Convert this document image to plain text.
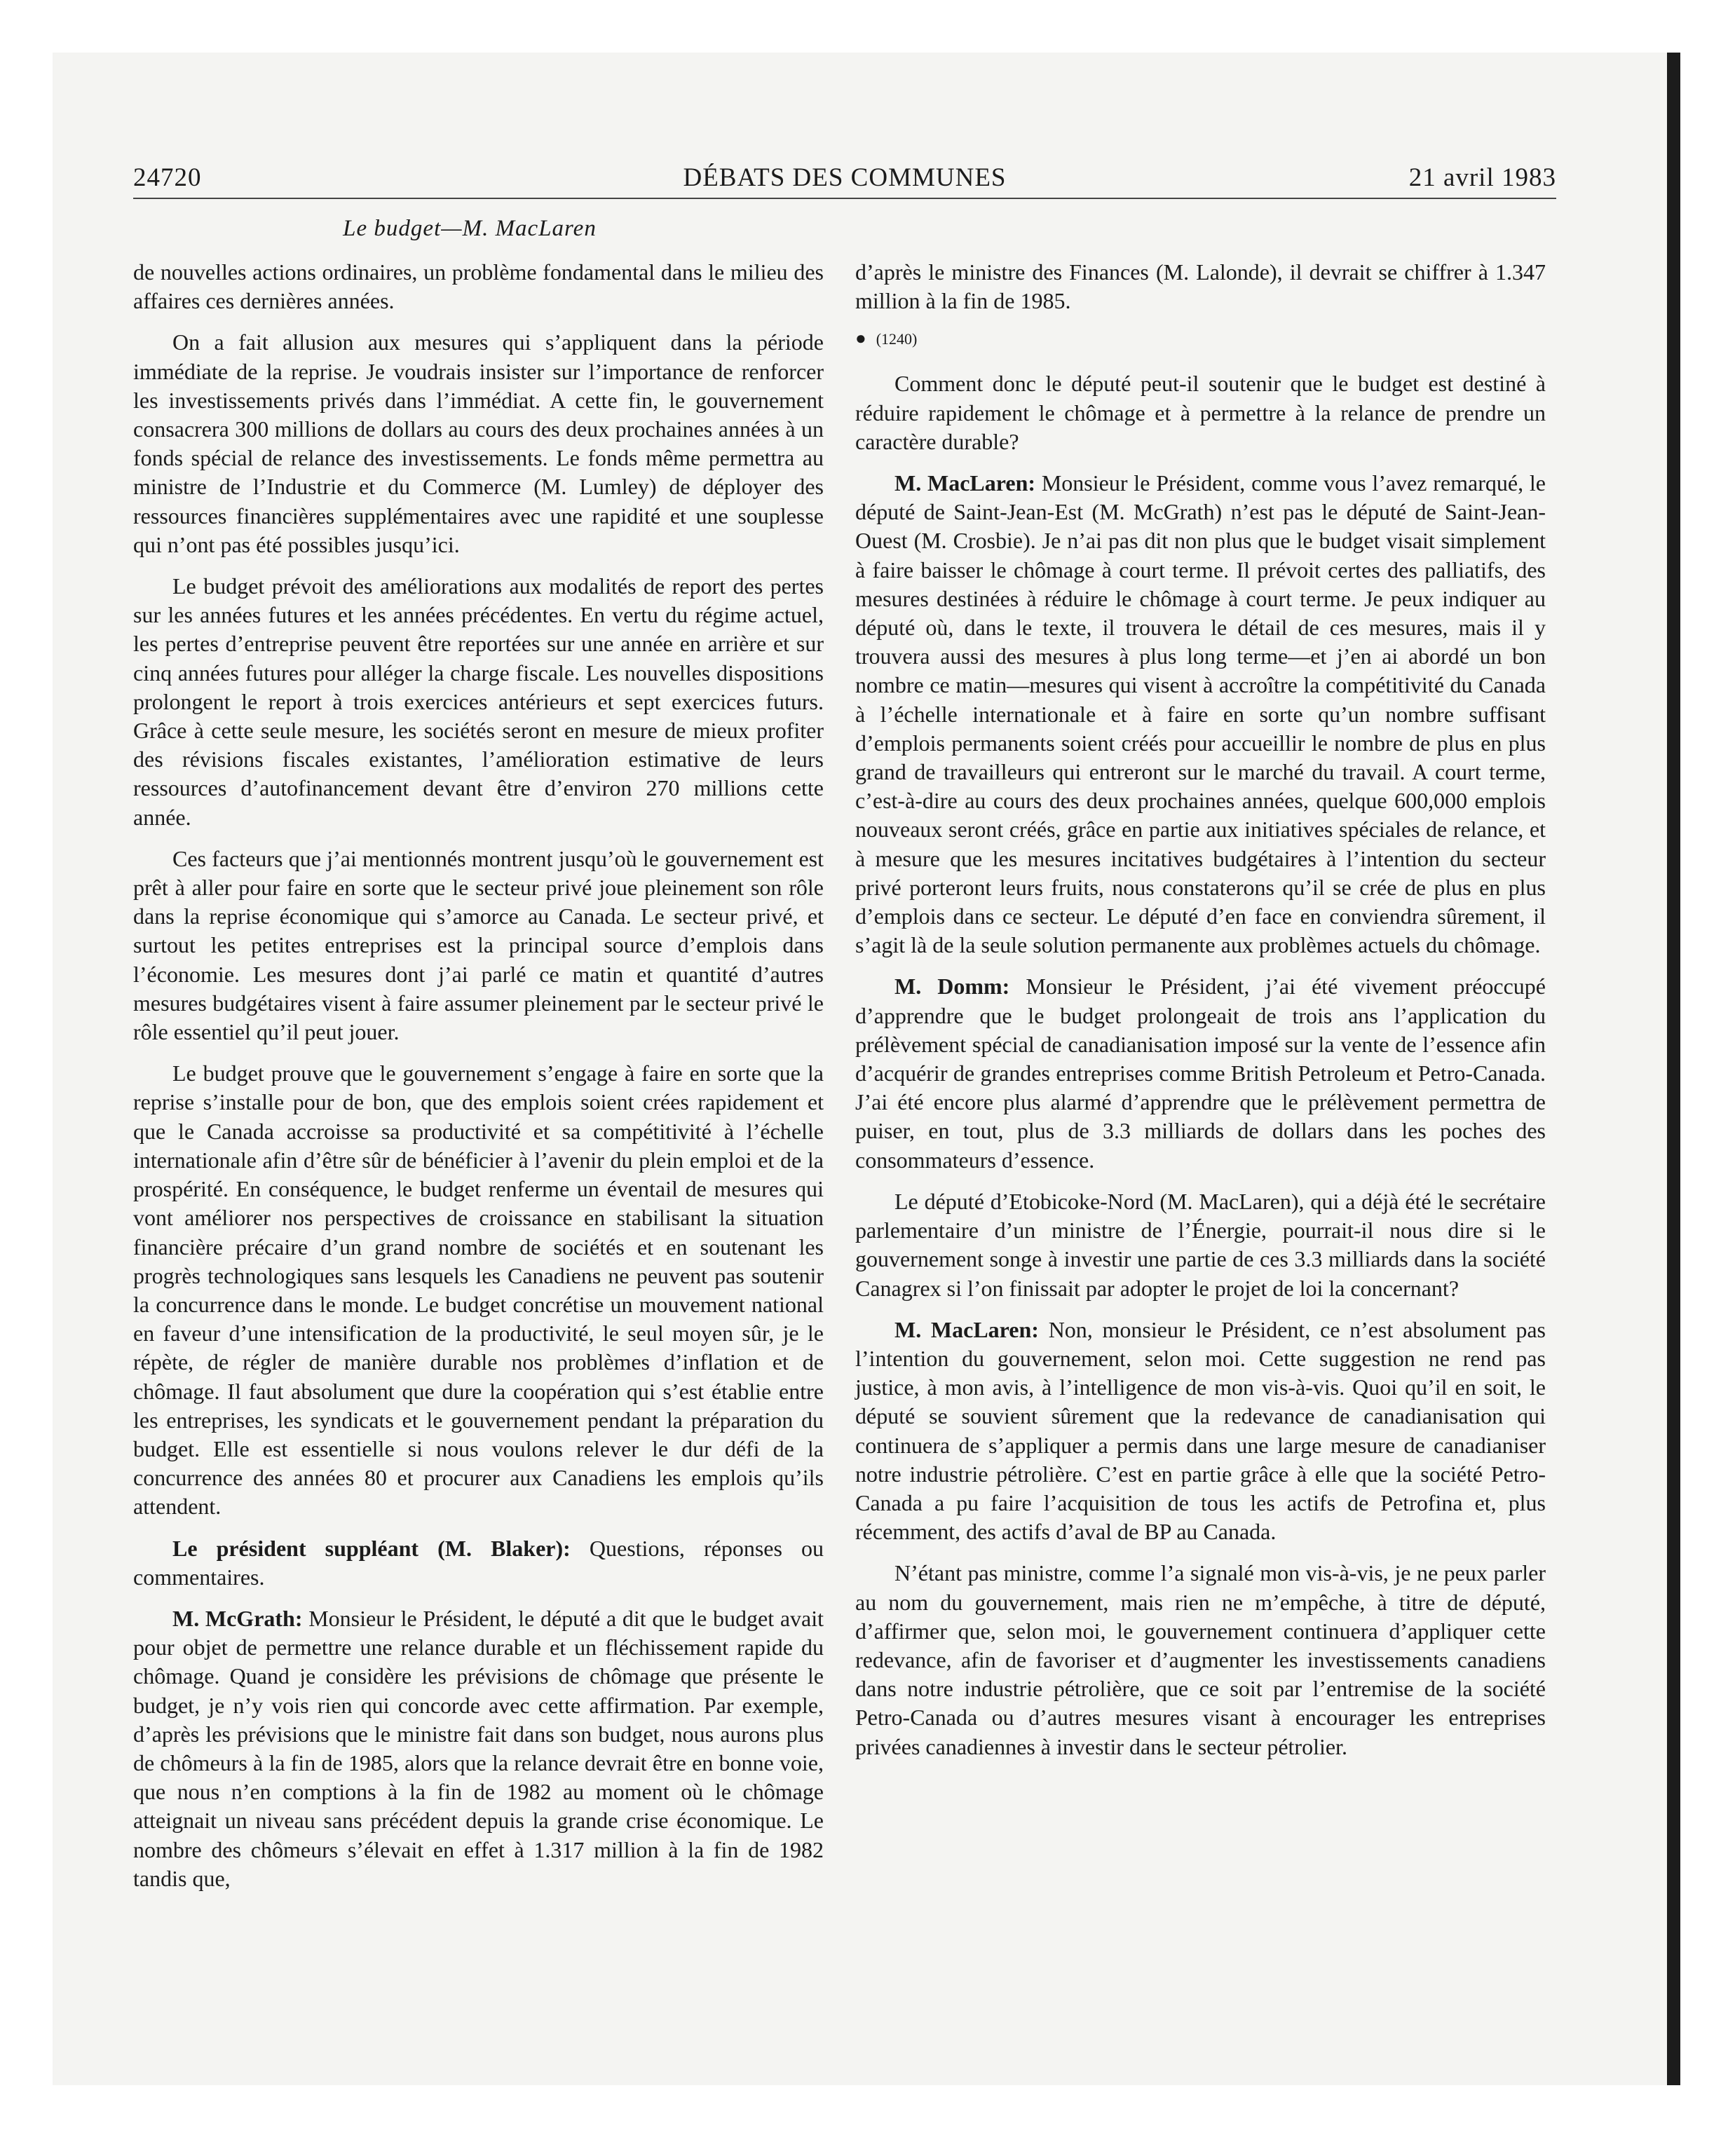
24720	DÉBATS DES COMMUNES	21 avril 1983
Le budget—M. MacLaren

de nouvelles actions ordinaires, un problème fondamental dans le milieu des affaires ces dernières années.

On a fait allusion aux mesures qui s’appliquent dans la période immédiate de la reprise. Je voudrais insister sur l’importance de renforcer les investissements privés dans l’immédiat. A cette fin, le gouvernement consacrera 300 millions de dollars au cours des deux prochaines années à un fonds spécial de relance des investissements. Le fonds même permettra au ministre de l’Industrie et du Commerce (M. Lumley) de déployer des ressources financières supplémentaires avec une rapidité et une souplesse qui n’ont pas été possibles jusqu’ici.

Le budget prévoit des améliorations aux modalités de report des pertes sur les années futures et les années précédentes. En vertu du régime actuel, les pertes d’entreprise peuvent être reportées sur une année en arrière et sur cinq années futures pour alléger la charge fiscale. Les nouvelles dispositions prolongent le report à trois exercices antérieurs et sept exercices futurs. Grâce à cette seule mesure, les sociétés seront en mesure de mieux profiter des révisions fiscales existantes, l’amélioration estimative de leurs ressources d’autofinancement devant être d’environ 270 millions cette année.

Ces facteurs que j’ai mentionnés montrent jusqu’où le gouvernement est prêt à aller pour faire en sorte que le secteur privé joue pleinement son rôle dans la reprise économique qui s’amorce au Canada. Le secteur privé, et surtout les petites entreprises est la principal source d’emplois dans l’économie. Les mesures dont j’ai parlé ce matin et quantité d’autres mesures budgétaires visent à faire assumer pleinement par le secteur privé le rôle essentiel qu’il peut jouer.

Le budget prouve que le gouvernement s’engage à faire en sorte que la reprise s’installe pour de bon, que des emplois soient crées rapidement et que le Canada accroisse sa productivité et sa compétitivité à l’échelle internationale afin d’être sûr de bénéficier à l’avenir du plein emploi et de la prospérité. En conséquence, le budget renferme un éventail de mesures qui vont améliorer nos perspectives de croissance en stabilisant la situation financière précaire d’un grand nombre de sociétés et en soutenant les progrès technologiques sans lesquels les Canadiens ne peuvent pas soutenir la concurrence dans le monde. Le budget concrétise un mouvement national en faveur d’une intensification de la productivité, le seul moyen sûr, je le répète, de régler de manière durable nos problèmes d’inflation et de chômage. Il faut absolument que dure la coopération qui s’est établie entre les entreprises, les syndicats et le gouvernement pendant la préparation du budget. Elle est essentielle si nous voulons relever le dur défi de la concurrence des années 80 et procurer aux Canadiens les emplois qu’ils attendent.

Le président suppléant (M. Blaker): Questions, réponses ou commentaires.

M. McGrath: Monsieur le Président, le député a dit que le budget avait pour objet de permettre une relance durable et un fléchissement rapide du chômage. Quand je considère les prévisions de chômage que présente le budget, je n’y vois rien qui concorde avec cette affirmation. Par exemple, d’après les prévisions que le ministre fait dans son budget, nous aurons plus de chômeurs à la fin de 1985, alors que la relance devrait être en bonne voie, que nous n’en comptions à la fin de 1982 au moment où le chômage atteignait un niveau sans précédent depuis la grande crise économique. Le nombre des chômeurs s’élevait en effet à 1.317 million à la fin de 1982 tandis que,

d’après le ministre des Finances (M. Lalonde), il devrait se chiffrer à 1.347 million à la fin de 1985.

● (1240)

Comment donc le député peut-il soutenir que le budget est destiné à réduire rapidement le chômage et à permettre à la relance de prendre un caractère durable?

M. MacLaren: Monsieur le Président, comme vous l’avez remarqué, le député de Saint-Jean-Est (M. McGrath) n’est pas le député de Saint-Jean-Ouest (M. Crosbie). Je n’ai pas dit non plus que le budget visait simplement à faire baisser le chômage à court terme. Il prévoit certes des palliatifs, des mesures destinées à réduire le chômage à court terme. Je peux indiquer au député où, dans le texte, il trouvera le détail de ces mesures, mais il y trouvera aussi des mesures à plus long terme—et j’en ai abordé un bon nombre ce matin—mesures qui visent à accroître la compétitivité du Canada à l’échelle internationale et à faire en sorte qu’un nombre suffisant d’emplois permanents soient créés pour accueillir le nombre de plus en plus grand de travailleurs qui entreront sur le marché du travail. A court terme, c’est-à-dire au cours des deux prochaines années, quelque 600,000 emplois nouveaux seront créés, grâce en partie aux initiatives spéciales de relance, et à mesure que les mesures incitatives budgétaires à l’intention du secteur privé porteront leurs fruits, nous constaterons qu’il se crée de plus en plus d’emplois dans ce secteur. Le député d’en face en conviendra sûrement, il s’agit là de la seule solution permanente aux problèmes actuels du chômage.

M. Domm: Monsieur le Président, j’ai été vivement préoccupé d’apprendre que le budget prolongeait de trois ans l’application du prélèvement spécial de canadianisation imposé sur la vente de l’essence afin d’acquérir de grandes entreprises comme British Petroleum et Petro-Canada. J’ai été encore plus alarmé d’apprendre que le prélèvement permettra de puiser, en tout, plus de 3.3 milliards de dollars dans les poches des consommateurs d’essence.

Le député d’Etobicoke-Nord (M. MacLaren), qui a déjà été le secrétaire parlementaire d’un ministre de l’Énergie, pourrait-il nous dire si le gouvernement songe à investir une partie de ces 3.3 milliards dans la société Canagrex si l’on finissait par adopter le projet de loi la concernant?

M. MacLaren: Non, monsieur le Président, ce n’est absolument pas l’intention du gouvernement, selon moi. Cette suggestion ne rend pas justice, à mon avis, à l’intelligence de mon vis-à-vis. Quoi qu’il en soit, le député se souvient sûrement que la redevance de canadianisation qui continuera de s’appliquer a permis dans une large mesure de canadianiser notre industrie pétrolière. C’est en partie grâce à elle que la société Petro-Canada a pu faire l’acquisition de tous les actifs de Petrofina et, plus récemment, des actifs d’aval de BP au Canada.

N’étant pas ministre, comme l’a signalé mon vis-à-vis, je ne peux parler au nom du gouvernement, mais rien ne m’empêche, à titre de député, d’affirmer que, selon moi, le gouvernement continuera d’appliquer cette redevance, afin de favoriser et d’augmenter les investissements canadiens dans notre industrie pétrolière, que ce soit par l’entremise de la société Petro-Canada ou d’autres mesures visant à encourager les entreprises privées canadiennes à investir dans le secteur pétrolier.
